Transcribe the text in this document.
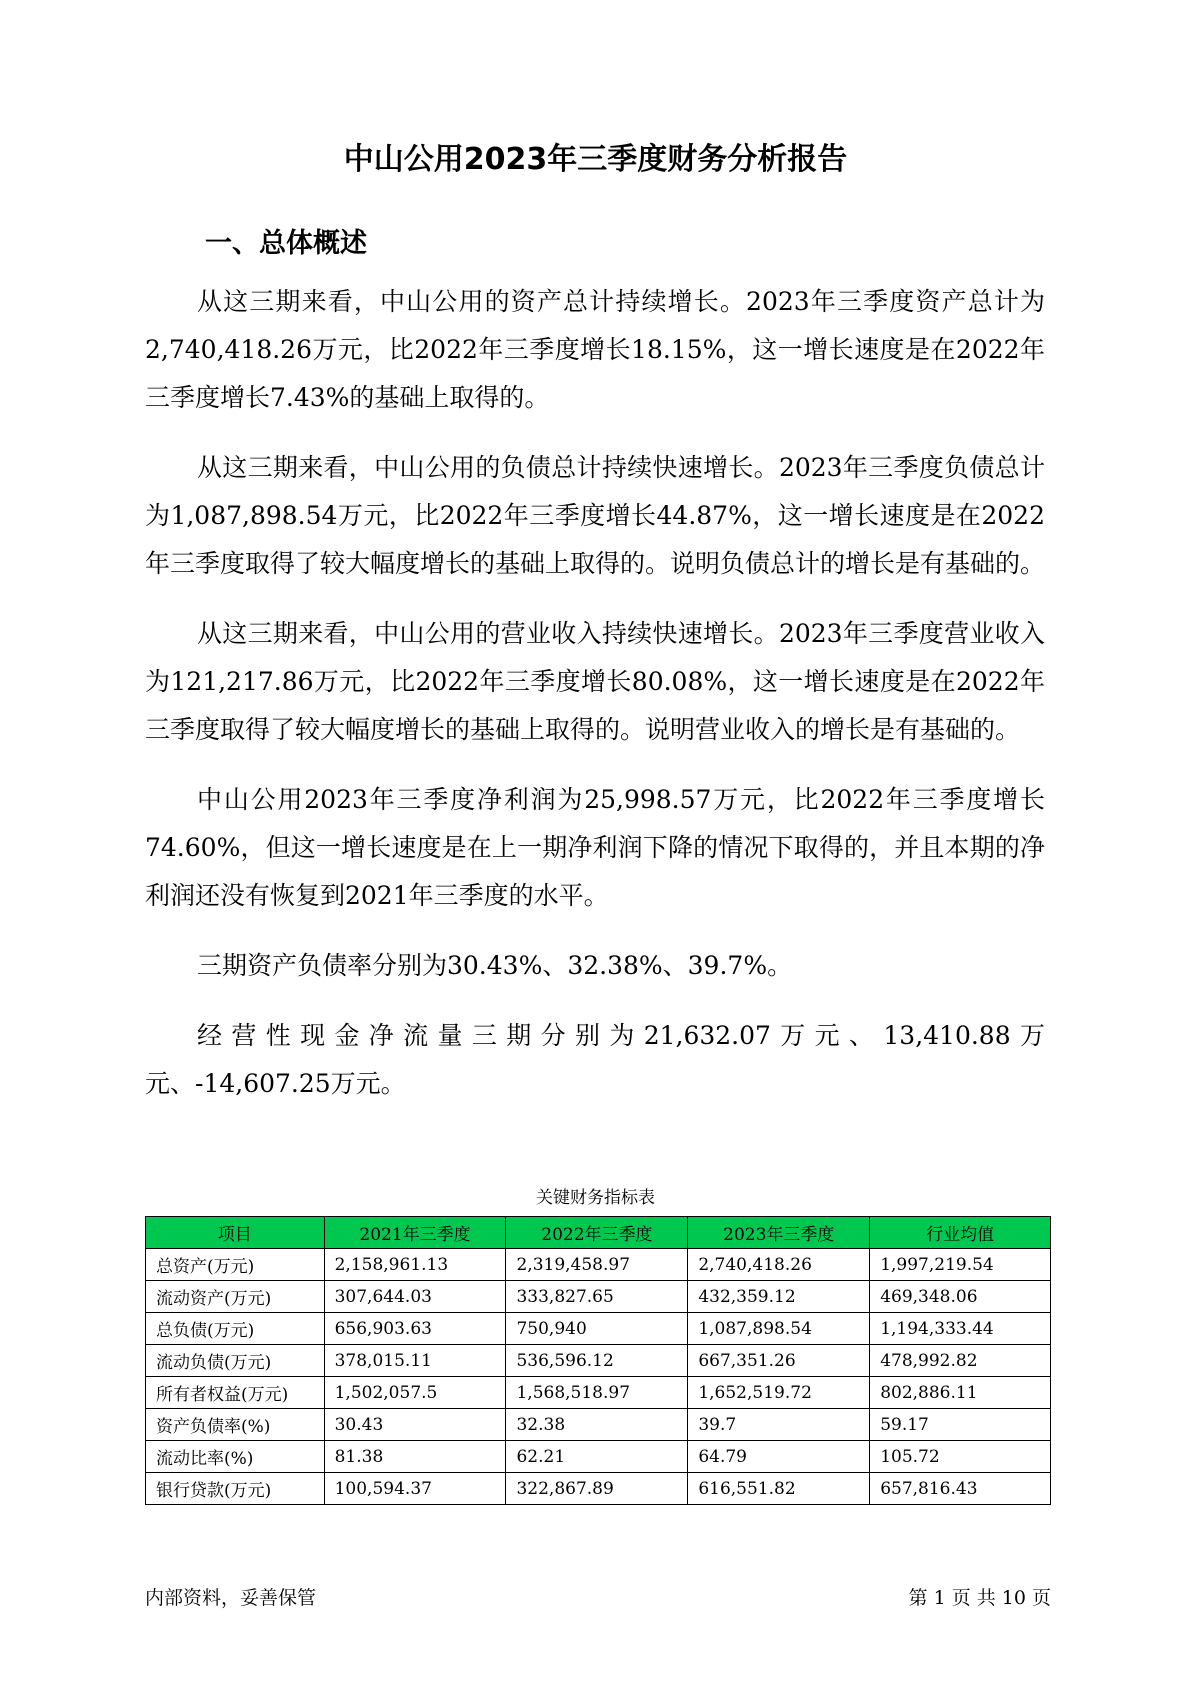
中山公用2023年三季度财务分析报告
一、总体概述

从这三期来看，中山公用的资产总计持续增长。2023年三季度资产总计为2,740,418.26万元，比2022年三季度增长18.15%，这一增长速度是在2022年三季度增长7.43%的基础上取得的。

从这三期来看，中山公用的负债总计持续快速增长。2023年三季度负债总计为1,087,898.54万元，比2022年三季度增长44.87%，这一增长速度是在2022年三季度取得了较大幅度增长的基础上取得的。说明负债总计的增长是有基础的。

从这三期来看，中山公用的营业收入持续快速增长。2023年三季度营业收入为121,217.86万元，比2022年三季度增长80.08%，这一增长速度是在2022年三季度取得了较大幅度增长的基础上取得的。说明营业收入的增长是有基础的。

中山公用2023年三季度净利润为25,998.57万元，比2022年三季度增长74.60%，但这一增长速度是在上一期净利润下降的情况下取得的，并且本期的净利润还没有恢复到2021年三季度的水平。

三期资产负债率分别为30.43%、32.38%、39.7%。

经营性现金净流量三期分别为21,632.07万元、13,410.88万元、-14,607.25万元。

关键财务指标表
项目	2021年三季度	2022年三季度	2023年三季度	行业均值
总资产(万元)	2,158,961.13	2,319,458.97	2,740,418.26	1,997,219.54
流动资产(万元)	307,644.03	333,827.65	432,359.12	469,348.06
总负债(万元)	656,903.63	750,940	1,087,898.54	1,194,333.44
流动负债(万元)	378,015.11	536,596.12	667,351.26	478,992.82
所有者权益(万元)	1,502,057.5	1,568,518.97	1,652,519.72	802,886.11
资产负债率(%)	30.43	32.38	39.7	59.17
流动比率(%)	81.38	62.21	64.79	105.72
银行贷款(万元)	100,594.37	322,867.89	616,551.82	657,816.43
内部资料，妥善保管	第 1 页 共 10 页
